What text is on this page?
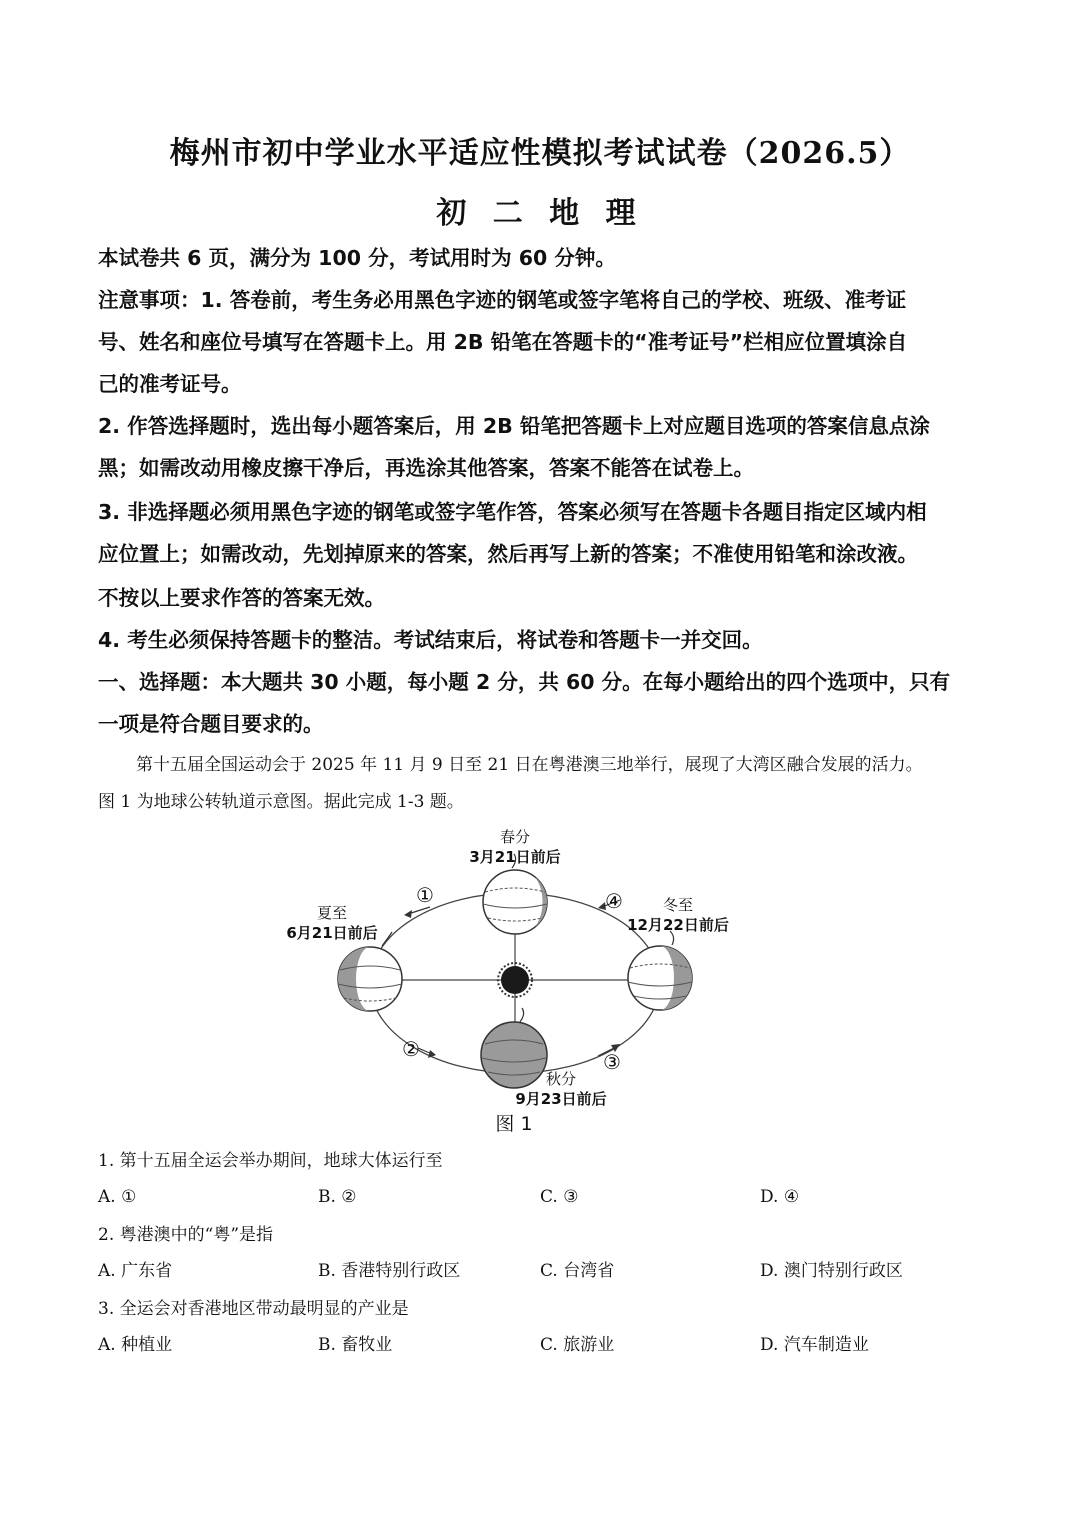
梅州市初中学业水平适应性模拟考试试卷（2026.5）
初 二 地 理
本试卷共 6 页，满分为 100 分，考试用时为 60 分钟。
注意事项：1. 答卷前，考生务必用黑色字迹的钢笔或签字笔将自己的学校、班级、准考证
号、姓名和座位号填写在答题卡上。用 2B 铅笔在答题卡的“准考证号”栏相应位置填涂自
己的准考证号。
2. 作答选择题时，选出每小题答案后，用 2B 铅笔把答题卡上对应题目选项的答案信息点涂
黑；如需改动用橡皮擦干净后，再选涂其他答案，答案不能答在试卷上。
3. 非选择题必须用黑色字迹的钢笔或签字笔作答，答案必须写在答题卡各题目指定区域内相
应位置上；如需改动，先划掉原来的答案，然后再写上新的答案；不准使用铅笔和涂改液。
不按以上要求作答的答案无效。
4. 考生必须保持答题卡的整洁。考试结束后，将试卷和答题卡一并交回。
一、选择题：本大题共 30 小题，每小题 2 分，共 60 分。在每小题给出的四个选项中，只有
一项是符合题目要求的。
第十五届全国运动会于 2025 年 11 月 9 日至 21 日在粤港澳三地举行，展现了大湾区融合发展的活力。
图 1 为地球公转轨道示意图。据此完成 1-3 题。
春分
3月21日前后
夏至
6月21日前后
冬至
12月22日前后
秋分
9月23日前后
①
②
③
④
图 1
1. 第十五届全运会举办期间，地球大体运行至
A. ①	B. ②	C. ③	D. ④
2. 粤港澳中的“粤”是指
A. 广东省	B. 香港特别行政区	C. 台湾省	D. 澳门特别行政区
3. 全运会对香港地区带动最明显的产业是
A. 种植业	B. 畜牧业	C. 旅游业	D. 汽车制造业
